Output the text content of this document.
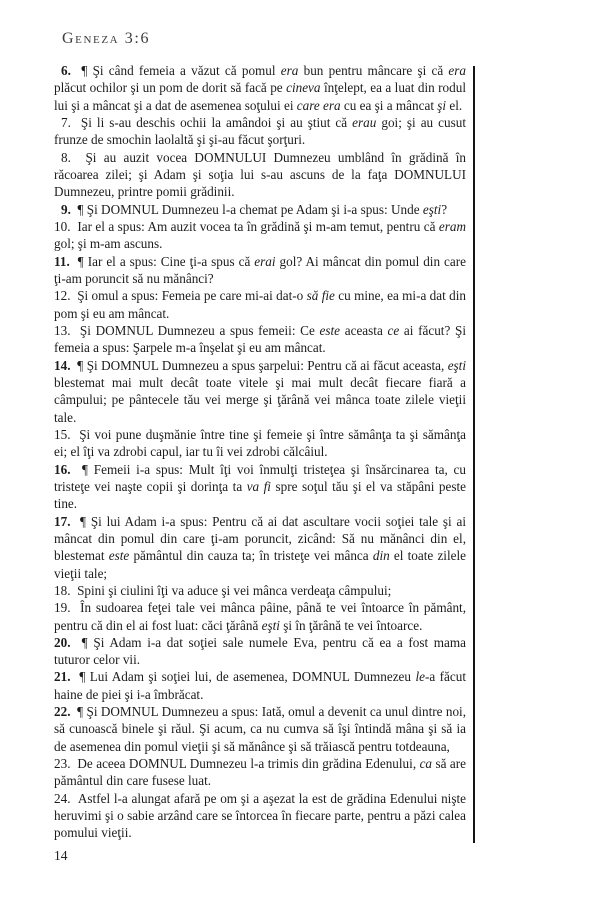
Geneza 3:6

6. ¶ Şi când femeia a văzut că pomul era bun pentru mâncare şi că era plăcut ochilor şi un pom de dorit să facă pe cineva înţelept, ea a luat din rodul lui şi a mâncat şi a dat de asemenea soţului ei care era cu ea şi a mâncat şi el.

7. Şi li s-au deschis ochii la amândoi şi au ştiut că erau goi; şi au cusut frunze de smochin laolaltă şi şi-au făcut şorţuri.

8. Şi au auzit vocea DOMNULUI Dumnezeu umblând în grădină în răcoarea zilei; şi Adam şi soţia lui s-au ascuns de la faţa DOMNULUI Dumnezeu, printre pomii grădinii.

9. ¶ Şi DOMNUL Dumnezeu l-a chemat pe Adam şi i-a spus: Unde eşti?

10. Iar el a spus: Am auzit vocea ta în grădină şi m-am temut, pentru că eram gol; şi m-am ascuns.

11. ¶ Iar el a spus: Cine ţi-a spus că erai gol? Ai mâncat din pomul din care ţi-am poruncit să nu mănânci?

12. Şi omul a spus: Femeia pe care mi-ai dat-o să fie cu mine, ea mi-a dat din pom şi eu am mâncat.

13. Şi DOMNUL Dumnezeu a spus femeii: Ce este aceasta ce ai făcut? Şi femeia a spus: Şarpele m-a înşelat şi eu am mâncat.

14. ¶ Şi DOMNUL Dumnezeu a spus şarpelui: Pentru că ai făcut aceasta, eşti blestemat mai mult decât toate vitele şi mai mult decât fiecare fiară a câmpului; pe pântecele tău vei merge şi ţărână vei mânca toate zilele vieţii tale.

15. Şi voi pune duşmănie între tine şi femeie şi între sămânţa ta şi sămânţa ei; el îţi va zdrobi capul, iar tu îi vei zdrobi călcâiul.

16. ¶ Femeii i-a spus: Mult îţi voi înmulţi tristeţea şi însărcinarea ta, cu tristeţe vei naşte copii şi dorinţa ta va fi spre soţul tău şi el va stăpâni peste tine.

17. ¶ Şi lui Adam i-a spus: Pentru că ai dat ascultare vocii soţiei tale şi ai mâncat din pomul din care ţi-am poruncit, zicând: Să nu mănânci din el, blestemat este pământul din cauza ta; în tristeţe vei mânca din el toate zilele vieţii tale;

18. Spini şi ciulini îţi va aduce şi vei mânca verdeaţa câmpului;

19. În sudoarea feţei tale vei mânca pâine, până te vei întoarce în pământ, pentru că din el ai fost luat: căci ţărână eşti şi în ţărână te vei întoarce.

20. ¶ Şi Adam i-a dat soţiei sale numele Eva, pentru că ea a fost mama tuturor celor vii.

21. ¶ Lui Adam şi soţiei lui, de asemenea, DOMNUL Dumnezeu le-a făcut haine de piei şi i-a îmbrăcat.

22. ¶ Şi DOMNUL Dumnezeu a spus: Iată, omul a devenit ca unul dintre noi, să cunoască binele şi răul. Şi acum, ca nu cumva să îşi întindă mâna şi să ia de asemenea din pomul vieţii şi să mănânce şi să trăiască pentru totdeauna,

23. De aceea DOMNUL Dumnezeu l-a trimis din grădina Edenului, ca să are pământul din care fusese luat.

24. Astfel l-a alungat afară pe om şi a aşezat la est de grădina Edenului nişte heruvimi şi o sabie arzând care se întorcea în fiecare parte, pentru a păzi calea pomului vieţii.

14
